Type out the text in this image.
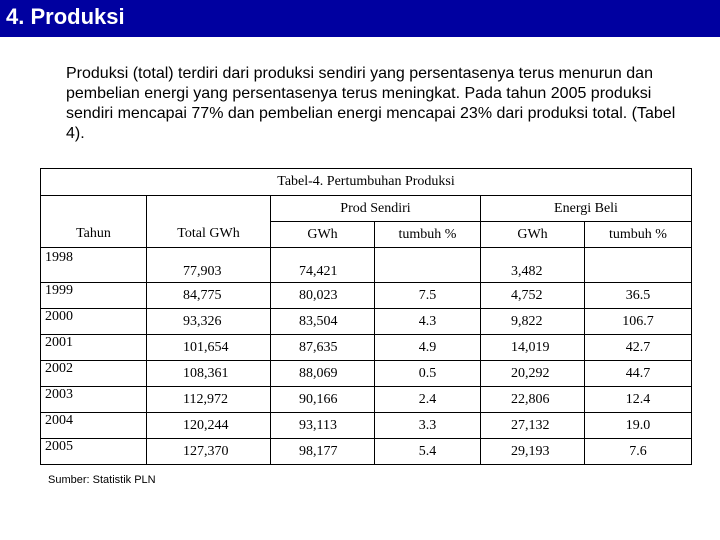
4. Produksi
Produksi (total) terdiri dari produksi sendiri yang persentasenya terus menurun dan pembelian energi yang persentasenya terus meningkat. Pada tahun 2005 produksi sendiri mencapai 77% dan pembelian energi mencapai 23% dari produksi total. (Tabel 4).
Tabel-4. Pertumbuhan Produksi					
		Prod Sendiri		Energi Beli	
Tahun	Total GWh	GWh	tumbuh %	GWh	tumbuh %
1998	77,903	74,421		3,482	
1999	84,775	80,023	7.5	4,752	36.5
2000	93,326	83,504	4.3	9,822	106.7
2001	101,654	87,635	4.9	14,019	42.7
2002	108,361	88,069	0.5	20,292	44.7
2003	112,972	90,166	2.4	22,806	12.4
2004	120,244	93,113	3.3	27,132	19.0
2005	127,370	98,177	5.4	29,193	7.6
Sumber: Statistik PLN
